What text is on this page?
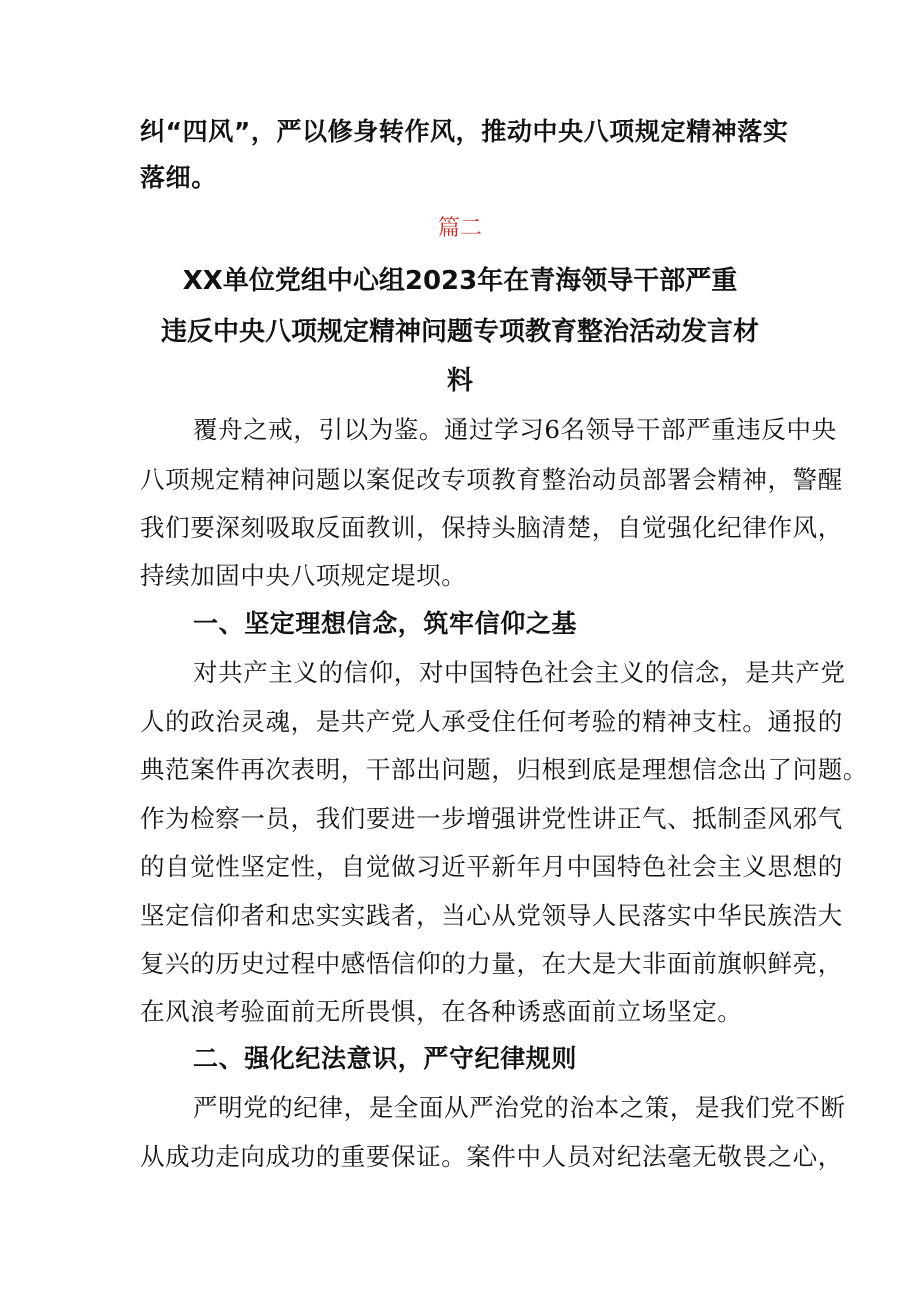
纠“四风”，严以修身转作风，推动中央八项规定精神落实
落细。
篇二
XX单位党组中心组2023年在青海领导干部严重
违反中央八项规定精神问题专项教育整治活动发言材
料
覆舟之戒，引以为鉴。通过学习6名领导干部严重违反中央
八项规定精神问题以案促改专项教育整治动员部署会精神，警醒
我们要深刻吸取反面教训，保持头脑清楚，自觉强化纪律作风，
持续加固中央八项规定堤坝。
一、坚定理想信念，筑牢信仰之基
对共产主义的信仰，对中国特色社会主义的信念，是共产党
人的政治灵魂，是共产党人承受住任何考验的精神支柱。通报的
典范案件再次表明，干部出问题，归根到底是理想信念出了问题。
作为检察一员，我们要进一步增强讲党性讲正气、抵制歪风邪气
的自觉性坚定性，自觉做习近平新年月中国特色社会主义思想的
坚定信仰者和忠实实践者，当心从党领导人民落实中华民族浩大
复兴的历史过程中感悟信仰的力量，在大是大非面前旗帜鲜亮，
在风浪考验面前无所畏惧，在各种诱惑面前立场坚定。
二、强化纪法意识，严守纪律规则
严明党的纪律，是全面从严治党的治本之策，是我们党不断
从成功走向成功的重要保证。案件中人员对纪法毫无敬畏之心，
